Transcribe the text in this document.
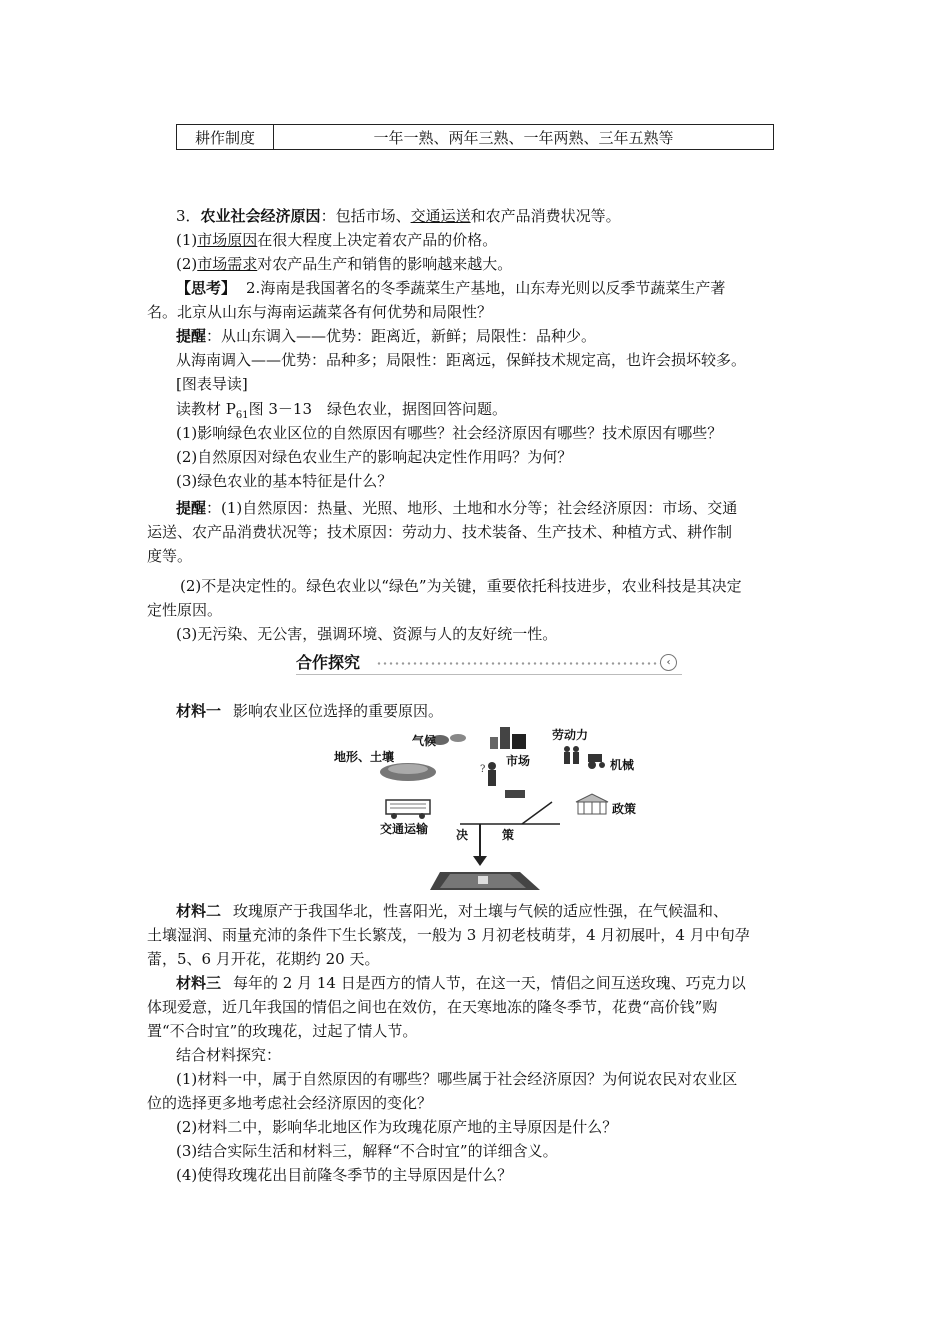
耕作制度	一年一熟、两年三熟、一年两熟、三年五熟等
3．农业社会经济原因：包括市场、交通运送和农产品消费状况等。
(1)市场原因在很大程度上决定着农产品的价格。
(2)市场需求对农产品生产和销售的影响越来越大。
【思考】 2.海南是我国著名的冬季蔬菜生产基地，山东寿光则以反季节蔬菜生产著
名。北京从山东与海南运蔬菜各有何优势和局限性？
提醒：从山东调入——优势：距离近，新鲜；局限性：品种少。
从海南调入——优势：品种多；局限性：距离远，保鲜技术规定高，也许会损坏较多。
[图表导读]
读教材 $P_{61}$图 3－13　绿色农业，据图回答问题。
(1)影响绿色农业区位的自然原因有哪些？社会经济原因有哪些？技术原因有哪些？
(2)自然原因对绿色农业生产的影响起决定性作用吗？为何？
(3)绿色农业的基本特征是什么？
提醒：(1)自然原因：热量、光照、地形、土地和水分等；社会经济原因：市场、交通
运送、农产品消费状况等；技术原因：劳动力、技术装备、生产技术、种植方式、耕作制
度等。
(2)不是决定性的。绿色农业以“绿色”为关键，重要依托科技进步，农业科技是其决定
定性原因。
(3)无污染、无公害，强调环境、资源与人的友好统一性。
合作探究	‹
材料一 影响农业区位选择的重要原因。
?
气候
地形、土壤
劳动力
市场	机械
政策
交通运输 决	策
材料二 玫瑰原产于我国华北，性喜阳光，对土壤与气候的适应性强，在气候温和、
土壤湿润、雨量充沛的条件下生长繁茂，一般为 3 月初老枝萌芽，4 月初展叶，4 月中旬孕
蕾，5、6 月开花，花期约 20 天。
材料三 每年的 2 月 14 日是西方的情人节，在这一天，情侣之间互送玫瑰、巧克力以
体现爱意，近几年我国的情侣之间也在效仿，在天寒地冻的隆冬季节，花费“高价钱”购
置“不合时宜”的玫瑰花，过起了情人节。
结合材料探究：
(1)材料一中，属于自然原因的有哪些？哪些属于社会经济原因？为何说农民对农业区
位的选择更多地考虑社会经济原因的变化？
(2)材料二中，影响华北地区作为玫瑰花原产地的主导原因是什么？
(3)结合实际生活和材料三，解释“不合时宜”的详细含义。
(4)使得玫瑰花出目前隆冬季节的主导原因是什么？
